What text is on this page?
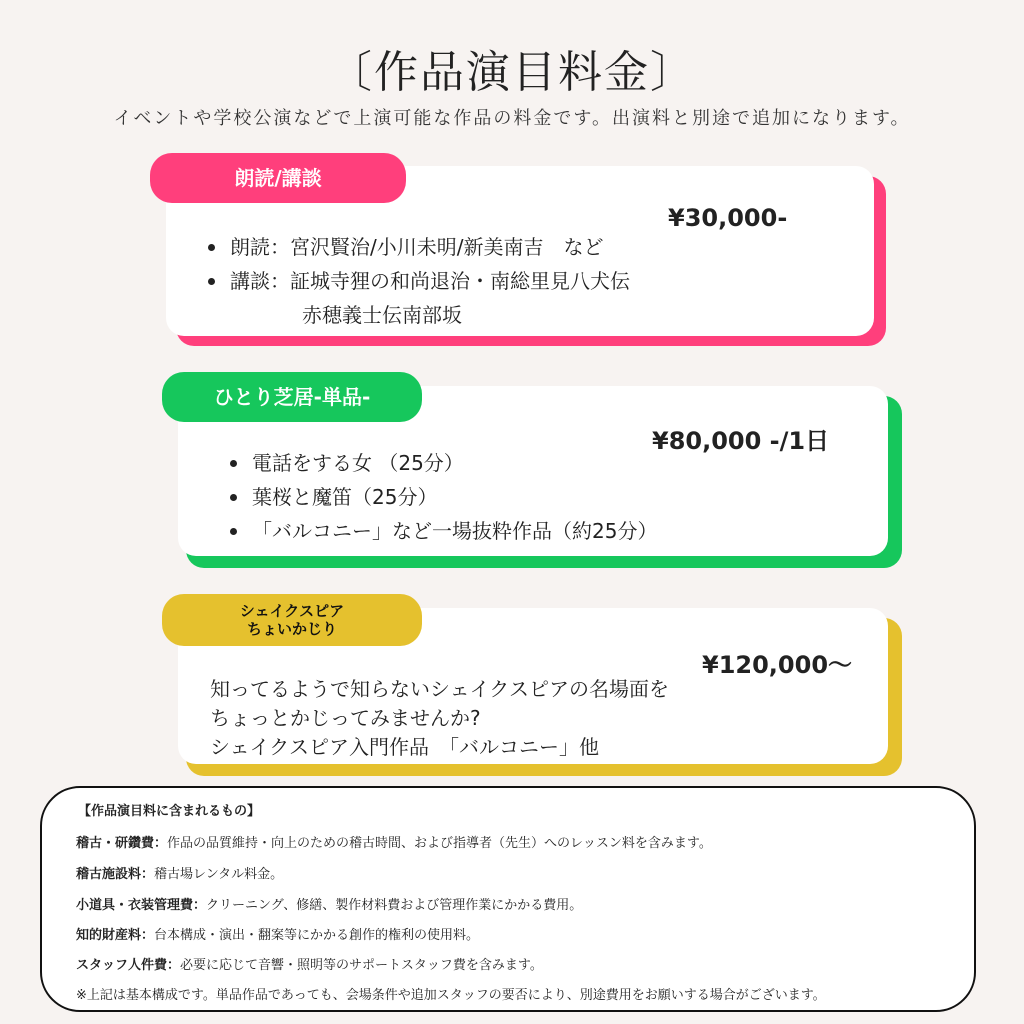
〔作品演目料金〕
イベントや学校公演などで上演可能な作品の料金です。出演料と別途で追加になります。
朗読/講談
¥30,000-
朗読：宮沢賢治/小川未明/新美南吉　など
講談：証城寺狸の和尚退治・南総里見八犬伝
赤穂義士伝南部坂
ひとり芝居-単品-
¥80,000 -/1日
電話をする女 （25分）
葉桜と魔笛（25分）
「バルコニー」など一場抜粋作品（約25分）
シェイクスピア
ちょいかじり
¥120,000〜
知ってるようで知らないシェイクスピアの名場面を
ちょっとかじってみませんか?
シェイクスピア入門作品　「バルコニー」他
【作品演目料に含まれるもの】
稽古・研鑽費：作品の品質維持・向上のための稽古時間、および指導者（先生）へのレッスン料を含みます。
稽古施設料：稽古場レンタル料金。
小道具・衣装管理費：クリーニング、修繕、製作材料費および管理作業にかかる費用。
知的財産料：台本構成・演出・翻案等にかかる創作的権利の使用料。
スタッフ人件費：必要に応じて音響・照明等のサポートスタッフ費を含みます。
※上記は基本構成です。単品作品であっても、会場条件や追加スタッフの要否により、別途費用をお願いする場合がございます。
